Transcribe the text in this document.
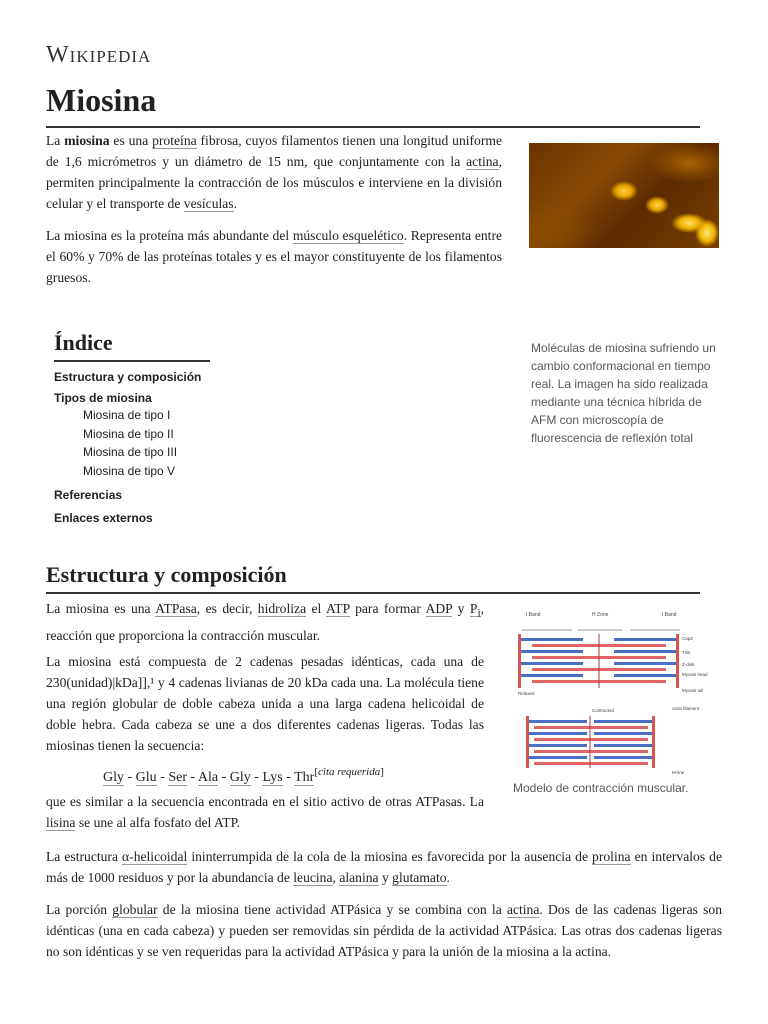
Wikipedia
Miosina

La miosina es una proteína fibrosa, cuyos filamentos tienen una longitud uniforme de 1,6 micrómetros y un diámetro de 15 nm, que conjuntamente con la actina, permiten principalmente la contracción de los músculos e interviene en la división celular y el transporte de vesículas.

La miosina es la proteína más abundante del músculo esquelético. Representa entre el 60% y 70% de las proteínas totales y es el mayor constituyente de los filamentos gruesos.

Moléculas de miosina sufriendo un cambio conformacional en tiempo real. La imagen ha sido realizada mediante una técnica híbrida de AFM con microscopía de fluorescencia de reflexión total
Índice
Estructura y composición
Tipos de miosina
Miosina de tipo I
Miosina de tipo II
Miosina de tipo III
Miosina de tipo V
Referencias
Enlaces externos
Estructura y composición

La miosina es una ATPasa, es decir, hidroliza el ATP para formar ADP y $P_i$, reacción que proporciona la contracción muscular.

La miosina está compuesta de 2 cadenas pesadas idénticas, cada una de 230(unidad)|kDa]],¹ y 4 cadenas livianas de 20 kDa cada una. La molécula tiene una región globular de doble cabeza unida a una larga cadena helicoidal de doble hebra. Cada cabeza se une a dos diferentes cadenas ligeras. Todas las miosinas tienen la secuencia:

Gly - Glu - Ser - Ala - Gly - Lys - Thr[cita requerida]

que es similar a la secuencia encontrada en el sitio activo de otras ATPasas. La lisina se une al alfa fosfato del ATP.

La estructura α-helicoidal ininterrumpida de la cola de la miosina es favorecida por la ausencia de prolina en intervalos de más de 1000 residuos y por la abundancia de leucina, alanina y glutamato.

La porción globular de la miosina tiene actividad ATPásica y se combina con la actina. Dos de las cadenas ligeras son idénticas (una en cada cabeza) y pueden ser removidas sin pérdida de la actividad ATPásica. Las otras dos cadenas ligeras no son idénticas y se ven requeridas para la actividad ATPásica y para la unión de la miosina a la actina.

I Band	H Zone	I Band
Relaxed
CapZ
Titin
Z-disk
Myosin head
Myosin tail
Contracted	Actin filament
M-line
Modelo de contracción muscular.
